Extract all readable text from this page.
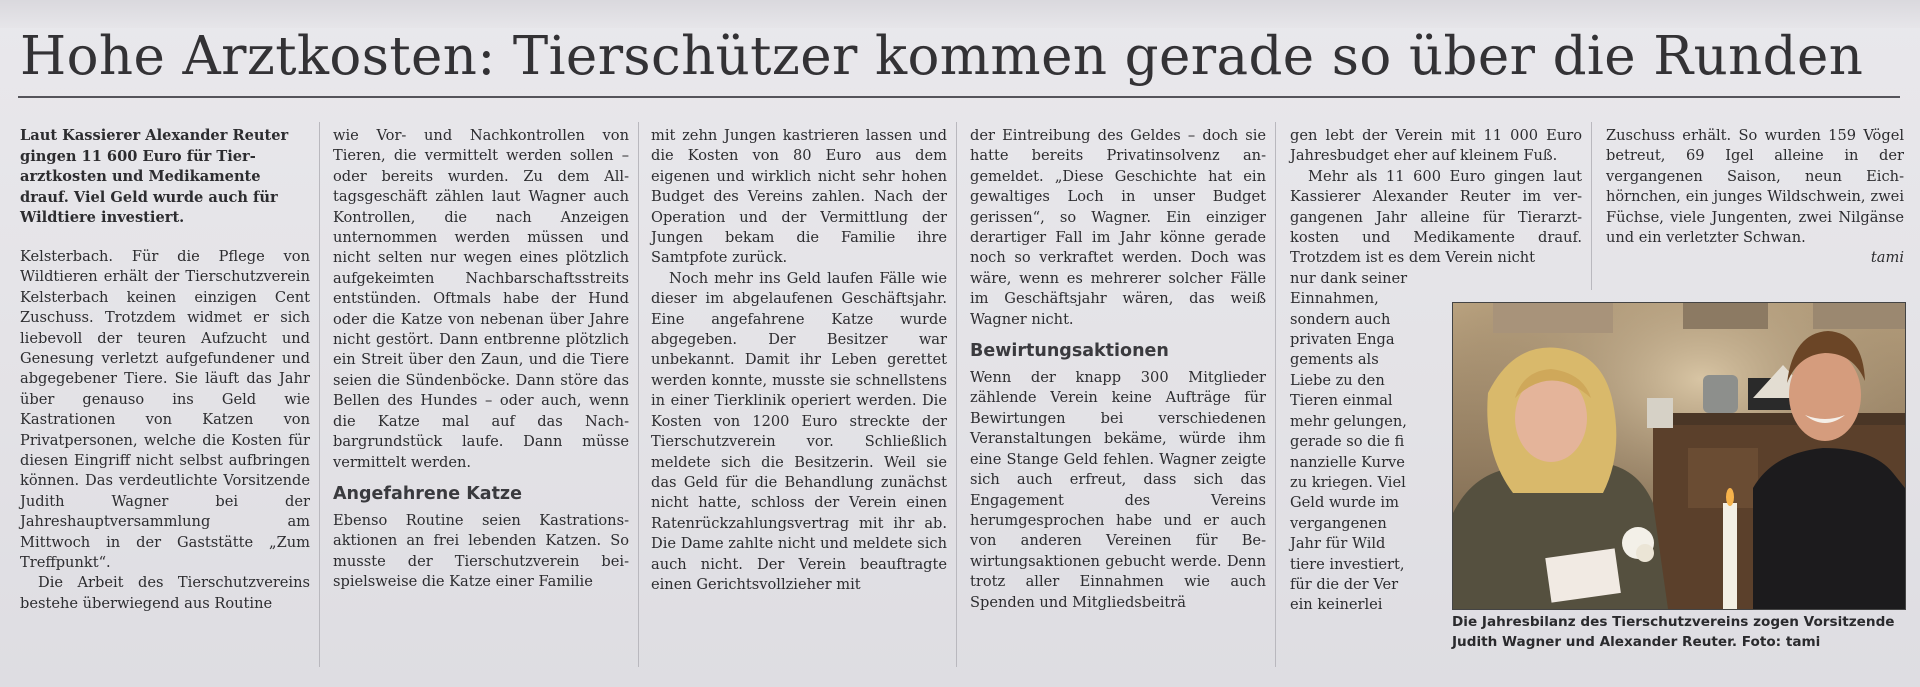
Hohe Arztkosten: Tierschützer kommen gerade so über die Runden

Laut Kassierer Alexander Reuter gingen 11 600 Euro für Tierarztkosten und Medikamente drauf. Viel Geld wurde auch für Wildtiere investiert.

Kelsterbach. Für die Pflege von Wildtieren erhält der Tierschutzverein Kelsterbach keinen einzigen Cent Zuschuss. Trotzdem widmet er sich liebevoll der teuren Aufzucht und Genesung verletzt aufgefundener und abgegebener Tiere. Sie läuft das Jahr über genauso ins Geld wie Kastrationen von Katzen von Privatpersonen, welche die Kosten für diesen Eingriff nicht selbst aufbringen können. Das verdeutlichte Vorsitzende Judith Wagner bei der Jahreshauptversammlung am Mittwoch in der Gaststätte „Zum Treffpunkt“.

Die Arbeit des Tierschutzvereins bestehe überwiegend aus Routine

wie Vor- und Nachkontrollen von Tieren, die vermittelt werden sollen – oder bereits wurden. Zu dem Alltagsgeschäft zählen laut Wagner auch Kontrollen, die nach Anzeigen unternommen werden müssen und nicht selten nur wegen eines plötzlich aufgekeimten Nachbarschaftsstreits entstünden. Oftmals habe der Hund oder die Katze von nebenan über Jahre nicht gestört. Dann entbrenne plötzlich ein Streit über den Zaun, und die Tiere seien die Sündenböcke. Dann störe das Bellen des Hundes – oder auch, wenn die Katze mal auf das Nachbargrundstück laufe. Dann müsse vermittelt werden.

Angefahrene Katze

Ebenso Routine seien Kastrationsaktionen an frei lebenden Katzen. So musste der Tierschutzverein beispielsweise die Katze einer Familie

mit zehn Jungen kastrieren lassen und die Kosten von 80 Euro aus dem eigenen und wirklich nicht sehr hohen Budget des Vereins zahlen. Nach der Operation und der Vermittlung der Jungen bekam die Familie ihre Samtpfote zurück.

Noch mehr ins Geld laufen Fälle wie dieser im abgelaufenen Geschäftsjahr. Eine angefahrene Katze wurde abgegeben. Der Besitzer war unbekannt. Damit ihr Leben gerettet werden konnte, musste sie schnellstens in einer Tierklinik operiert werden. Die Kosten von 1200 Euro streckte der Tierschutzverein vor. Schließlich meldete sich die Besitzerin. Weil sie das Geld für die Behandlung zunächst nicht hatte, schloss der Verein einen Ratenrückzahlungsvertrag mit ihr ab. Die Dame zahlte nicht und meldete sich auch nicht. Der Verein beauftragte einen Gerichtsvollzieher mit

der Eintreibung des Geldes – doch sie hatte bereits Privatinsolvenz angemeldet. „Diese Geschichte hat ein gewaltiges Loch in unser Budget gerissen“, so Wagner. Ein einziger derartiger Fall im Jahr könne gerade noch so verkraftet werden. Doch was wäre, wenn es mehrerer solcher Fälle im Geschäftsjahr wären, das weiß Wagner nicht.

Bewirtungsaktionen

Wenn der knapp 300 Mitglieder zählende Verein keine Aufträge für Bewirtungen bei verschiedenen Veranstaltungen bekäme, würde ihm eine Stange Geld fehlen. Wagner zeigte sich auch erfreut, dass sich das Engagement des Vereins herumgesprochen habe und er auch von anderen Vereinen für Bewirtungsaktionen gebucht werde. Denn trotz aller Einnahmen wie auch Spenden und Mitgliedsbeiträ

gen lebt der Verein mit 11 000 Euro Jahresbudget eher auf kleinem Fuß.

Mehr als 11 600 Euro gingen laut Kassierer Alexander Reuter im vergangenen Jahr alleine für Tierarztkosten und Medikamente drauf. Trotzdem ist es dem Verein nicht

nur dank seiner
Einnahmen,
sondern auch
privaten Enga
gements als
Liebe zu den
Tieren einmal
mehr gelungen,
gerade so die fi
nanzielle Kurve
zu kriegen. Viel
Geld wurde im
vergangenen
Jahr für Wild
tiere investiert,
für die der Ver
ein keinerlei

Zuschuss erhält. So wurden 159 Vögel betreut, 69 Igel alleine in der vergangenen Saison, neun Eichhörnchen, ein junges Wildschwein, zwei Füchse, viele Jungenten, zwei Nilgänse und ein verletzter Schwan.

tami
Die Jahresbilanz des Tierschutzvereins zogen Vorsitzende Judith Wagner und Alexander Reuter. Foto: tami
